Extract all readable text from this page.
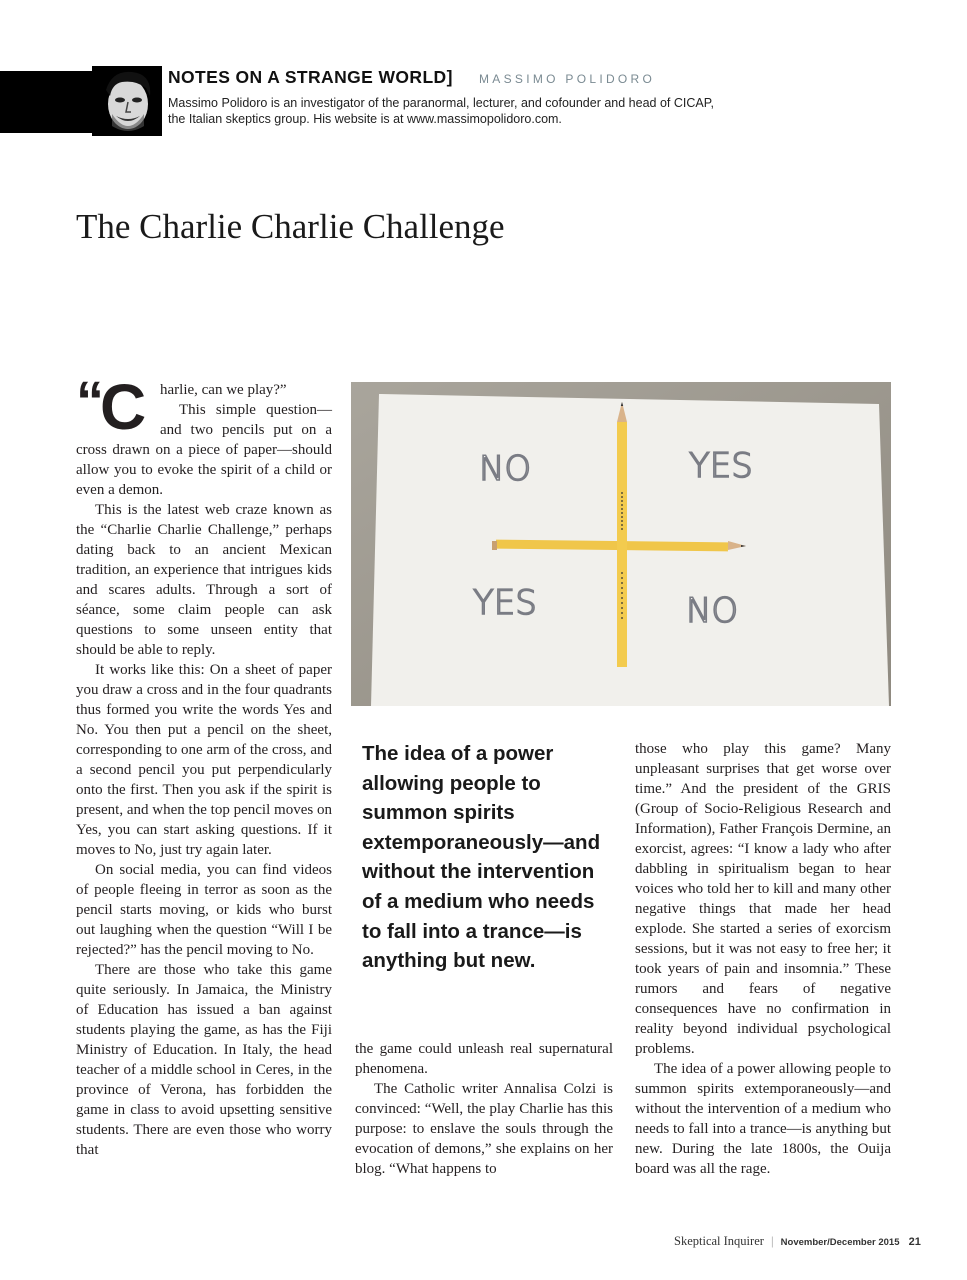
NOTES ON A STRANGE WORLD] MASSIMO POLIDORO
Massimo Polidoro is an investigator of the paranormal, lecturer, and cofounder and head of CICAP, the Italian skeptics group. His website is at www.massimopolidoro.com.
The Charlie Charlie Challenge
“
C harlie, can we play?”

This simple question—and two pencils put on a cross drawn on a piece of paper—should allow you to evoke the spirit of a child or even a demon.

This is the latest web craze known as the “Charlie Charlie Challenge,” perhaps dating back to an ancient Mexican tradition, an experience that intrigues kids and scares adults. Through a sort of séance, some claim people can ask questions to some unseen entity that should be able to reply.

It works like this: On a sheet of paper you draw a cross and in the four quadrants thus formed you write the words Yes and No. You then put a pencil on the sheet, corresponding to one arm of the cross, and a second pencil you put perpendicularly onto the first. Then you ask if the spirit is present, and when the top pencil moves on Yes, you can start asking questions. If it moves to No, just try again later.

On social media, you can find videos of people fleeing in terror as soon as the pencil starts moving, or kids who burst out laughing when the question “Will I be rejected?” has the pencil moving to No.

There are those who take this game quite seriously. In Jamaica, the Ministry of Education has issued a ban against students playing the game, as has the Fiji Ministry of Education. In Italy, the head teacher of a middle school in Ceres, in the province of Verona, has forbidden the game in class to avoid upsetting sensitive students. There are even those who worry that

NO	YES
YES	NO
The idea of a power allowing people to summon spirits extemporaneously—and without the intervention of a medium who needs to fall into a trance—is anything but new.

the game could unleash real supernatural phenomena.

The Catholic writer Annalisa Colzi is convinced: “Well, the play Charlie has this purpose: to enslave the souls through the evocation of demons,” she explains on her blog. “What happens to

those who play this game? Many unpleasant surprises that get worse over time.” And the president of the GRIS (Group of Socio-Religious Research and Information), Father François Dermine, an exorcist, agrees: “I know a lady who after dabbling in spiritualism began to hear voices who told her to kill and many other negative things that made her head explode. She started a series of exorcism sessions, but it was not easy to free her; it took years of pain and insomnia.” These rumors and fears of negative consequences have no confirmation in reality beyond individual psychological problems.

The idea of a power allowing people to summon spirits extemporaneously—and without the intervention of a medium who needs to fall into a trance—is anything but new. During the late 1800s, the Ouija board was all the rage.

Skeptical Inquirer | November/December 2015 21
